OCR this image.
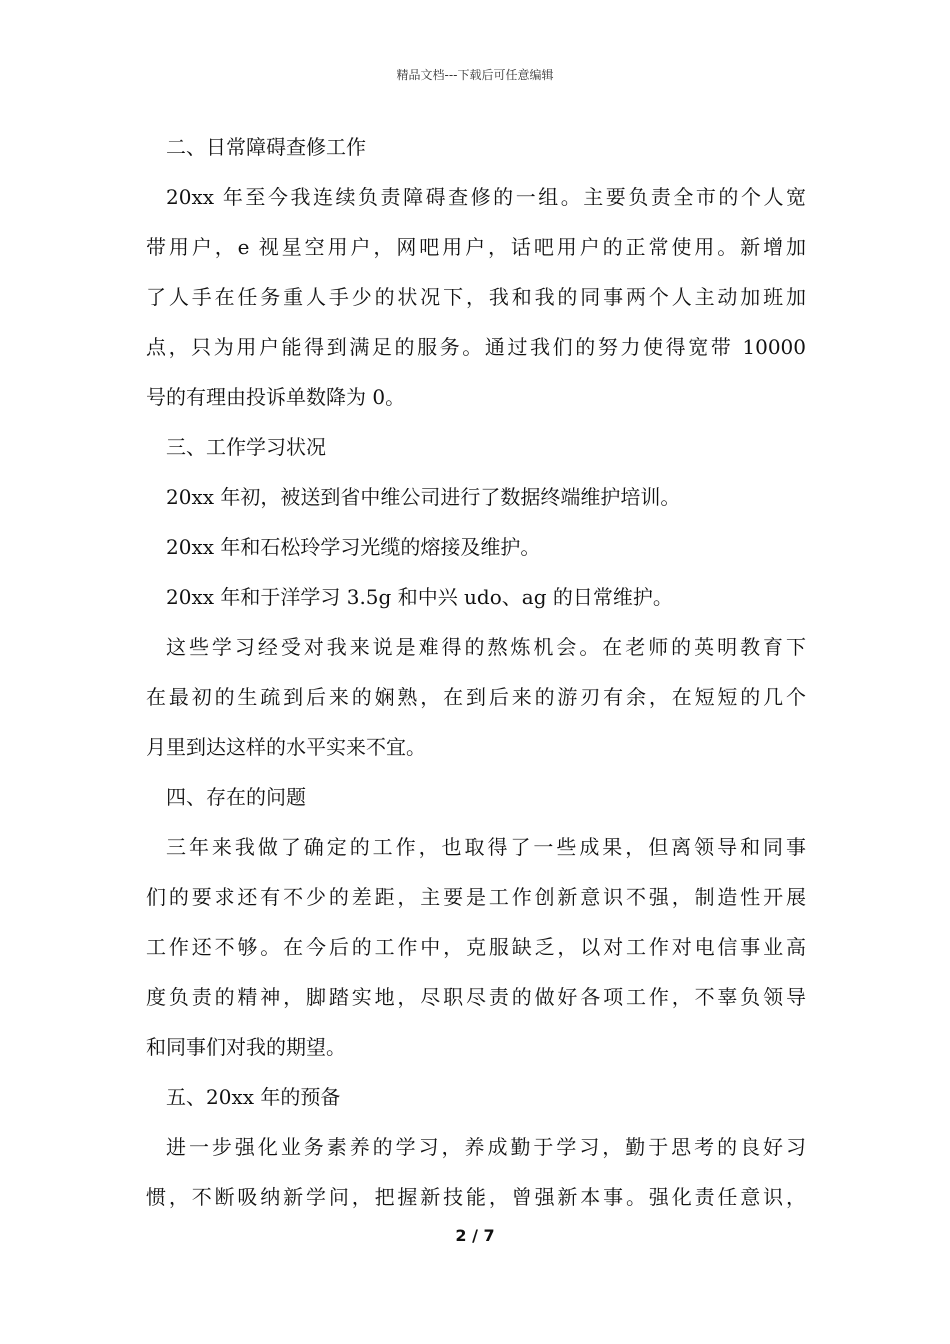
精品文档---下载后可任意编辑
二、日常障碍查修工作
20xx 年至今我连续负责障碍查修的一组。主要负责全市的个人宽
带用户，e 视星空用户，网吧用户，话吧用户的正常使用。新增加
了人手在任务重人手少的状况下，我和我的同事两个人主动加班加
点，只为用户能得到满足的服务。通过我们的努力使得宽带 10000
号的有理由投诉单数降为 0。
三、工作学习状况
20xx 年初，被送到省中维公司进行了数据终端维护培训。
20xx 年和石松玲学习光缆的熔接及维护。
20xx 年和于洋学习 3.5g 和中兴 udo、ag 的日常维护。
这些学习经受对我来说是难得的熬炼机会。在老师的英明教育下
在最初的生疏到后来的娴熟，在到后来的游刃有余，在短短的几个
月里到达这样的水平实来不宜。
四、存在的问题
三年来我做了确定的工作，也取得了一些成果，但离领导和同事
们的要求还有不少的差距，主要是工作创新意识不强，制造性开展
工作还不够。在今后的工作中，克服缺乏，以对工作对电信事业高
度负责的精神，脚踏实地，尽职尽责的做好各项工作，不辜负领导
和同事们对我的期望。
五、20xx 年的预备
进一步强化业务素养的学习，养成勤于学习，勤于思考的良好习
惯，不断吸纳新学问，把握新技能，曾强新本事。强化责任意识，
2 / 7
